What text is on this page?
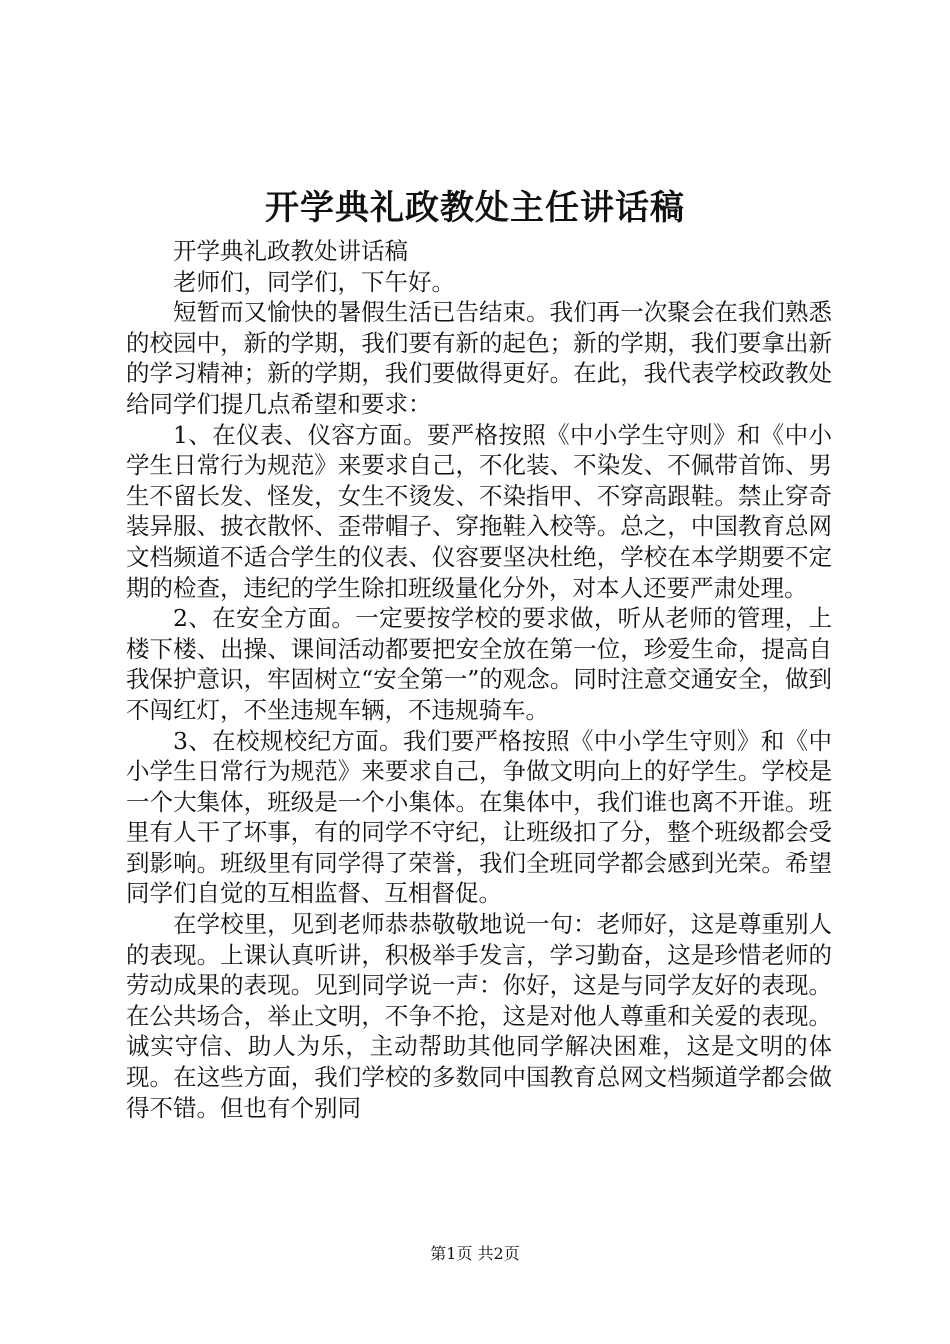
开学典礼政教处主任讲话稿

开学典礼政教处讲话稿

老师们，同学们，下午好。

短暂而又愉快的暑假生活已告结束。我们再一次聚会在我们熟悉的校园中，新的学期，我们要有新的起色；新的学期，我们要拿出新的学习精神；新的学期，我们要做得更好。在此，我代表学校政教处给同学们提几点希望和要求：

1、在仪表、仪容方面。要严格按照《中小学生守则》和《中小学生日常行为规范》来要求自己，不化装、不染发、不佩带首饰、男生不留长发、怪发，女生不烫发、不染指甲、不穿高跟鞋。禁止穿奇装异服、披衣散怀、歪带帽子、穿拖鞋入校等。总之，中国教育总网文档频道不适合学生的仪表、仪容要坚决杜绝，学校在本学期要不定期的检查，违纪的学生除扣班级量化分外，对本人还要严肃处理。

2、在安全方面。一定要按学校的要求做，听从老师的管理，上楼下楼、出操、课间活动都要把安全放在第一位，珍爱生命，提高自我保护意识，牢固树立“安全第一”的观念。同时注意交通安全，做到不闯红灯，不坐违规车辆，不违规骑车。

3、在校规校纪方面。我们要严格按照《中小学生守则》和《中小学生日常行为规范》来要求自己，争做文明向上的好学生。学校是一个大集体，班级是一个小集体。在集体中，我们谁也离不开谁。班里有人干了坏事，有的同学不守纪，让班级扣了分，整个班级都会受到影响。班级里有同学得了荣誉，我们全班同学都会感到光荣。希望同学们自觉的互相监督、互相督促。

在学校里，见到老师恭恭敬敬地说一句：老师好，这是尊重别人的表现。上课认真听讲，积极举手发言，学习勤奋，这是珍惜老师的劳动成果的表现。见到同学说一声：你好，这是与同学友好的表现。在公共场合，举止文明，不争不抢，这是对他人尊重和关爱的表现。诚实守信、助人为乐，主动帮助其他同学解决困难，这是文明的体现。在这些方面，我们学校的多数同中国教育总网文档频道学都会做得不错。但也有个别同

第1页 共2页
